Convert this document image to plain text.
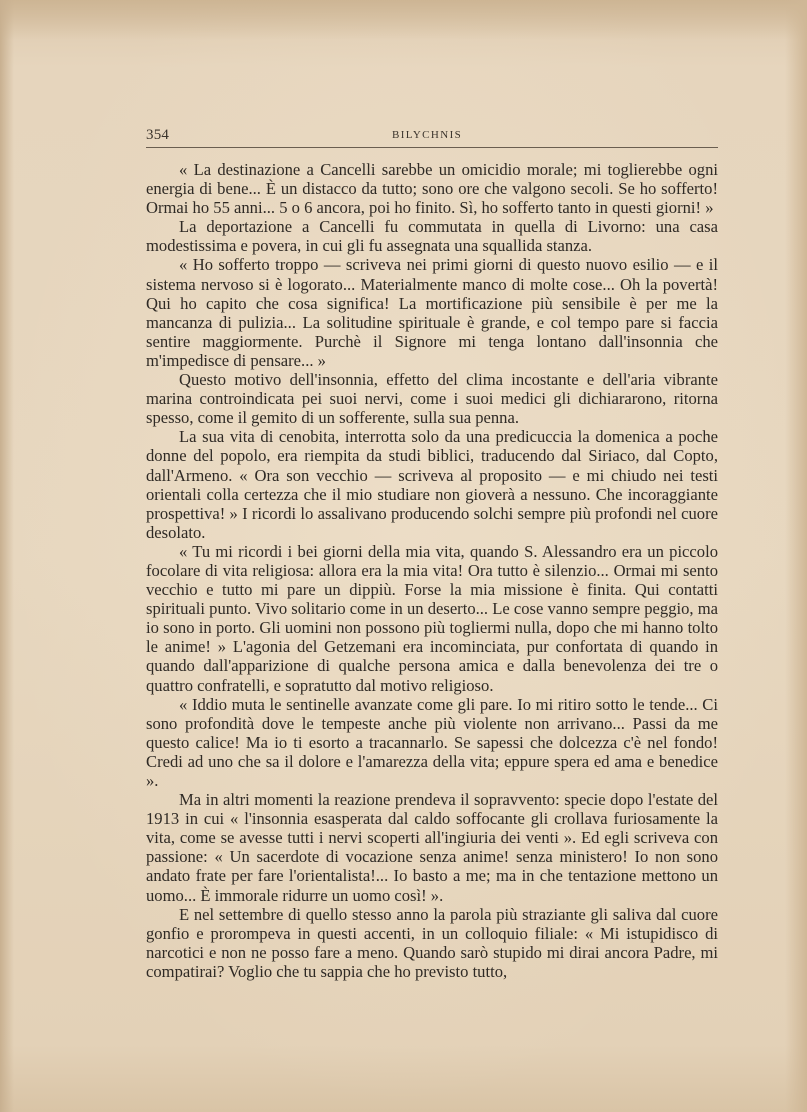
354	BILYCHNIS

« La destinazione a Cancelli sarebbe un omicidio morale; mi toglierebbe ogni energia di bene... È un distacco da tutto; sono ore che valgono secoli. Se ho sofferto! Ormai ho 55 anni... 5 o 6 ancora, poi ho finito. Sì, ho sofferto tanto in questi giorni! »

La deportazione a Cancelli fu commutata in quella di Livorno: una casa modestissima e povera, in cui gli fu assegnata una squallida stanza.

« Ho sofferto troppo — scriveva nei primi giorni di questo nuovo esilio — e il sistema nervoso si è logorato... Materialmente manco di molte cose... Oh la povertà! Qui ho capito che cosa significa! La mortificazione più sensibile è per me la mancanza di pulizia... La solitudine spirituale è grande, e col tempo pare si faccia sentire maggiormente. Purchè il Signore mi tenga lontano dall'insonnia che m'impedisce di pensare... »

Questo motivo dell'insonnia, effetto del clima incostante e dell'aria vibrante marina controindicata pei suoi nervi, come i suoi medici gli dichiararono, ritorna spesso, come il gemito di un sofferente, sulla sua penna.

La sua vita di cenobita, interrotta solo da una predicuccia la domenica a poche donne del popolo, era riempita da studi biblici, traducendo dal Siriaco, dal Copto, dall'Armeno. « Ora son vecchio — scriveva al proposito — e mi chiudo nei testi orientali colla certezza che il mio studiare non gioverà a nessuno. Che incoraggiante prospettiva! » I ricordi lo assalivano producendo solchi sempre più profondi nel cuore desolato.

« Tu mi ricordi i bei giorni della mia vita, quando S. Alessandro era un piccolo focolare di vita religiosa: allora era la mia vita! Ora tutto è silenzio... Ormai mi sento vecchio e tutto mi pare un dippiù. Forse la mia missione è finita. Qui contatti spirituali punto. Vivo solitario come in un deserto... Le cose vanno sempre peggio, ma io sono in porto. Gli uomini non possono più togliermi nulla, dopo che mi hanno tolto le anime! » L'agonia del Getzemani era incominciata, pur confortata di quando in quando dall'apparizione di qualche persona amica e dalla benevolenza dei tre o quattro confratelli, e sopratutto dal motivo religioso.

« Iddio muta le sentinelle avanzate come gli pare. Io mi ritiro sotto le tende... Ci sono profondità dove le tempeste anche più violente non arrivano... Passi da me questo calice! Ma io ti esorto a tracannarlo. Se sapessi che dolcezza c'è nel fondo! Credi ad uno che sa il dolore e l'amarezza della vita; eppure spera ed ama e benedice ».

Ma in altri momenti la reazione prendeva il sopravvento: specie dopo l'estate del 1913 in cui « l'insonnia esasperata dal caldo soffocante gli crollava furiosamente la vita, come se avesse tutti i nervi scoperti all'ingiuria dei venti ». Ed egli scriveva con passione: « Un sacerdote di vocazione senza anime! senza ministero! Io non sono andato frate per fare l'orientalista!... Io basto a me; ma in che tentazione mettono un uomo... È immorale ridurre un uomo così! ».

E nel settembre di quello stesso anno la parola più straziante gli saliva dal cuore gonfio e prorompeva in questi accenti, in un colloquio filiale: « Mi istupidisco di narcotici e non ne posso fare a meno. Quando sarò stupido mi dirai ancora Padre, mi compatirai? Voglio che tu sappia che ho previsto tutto,
